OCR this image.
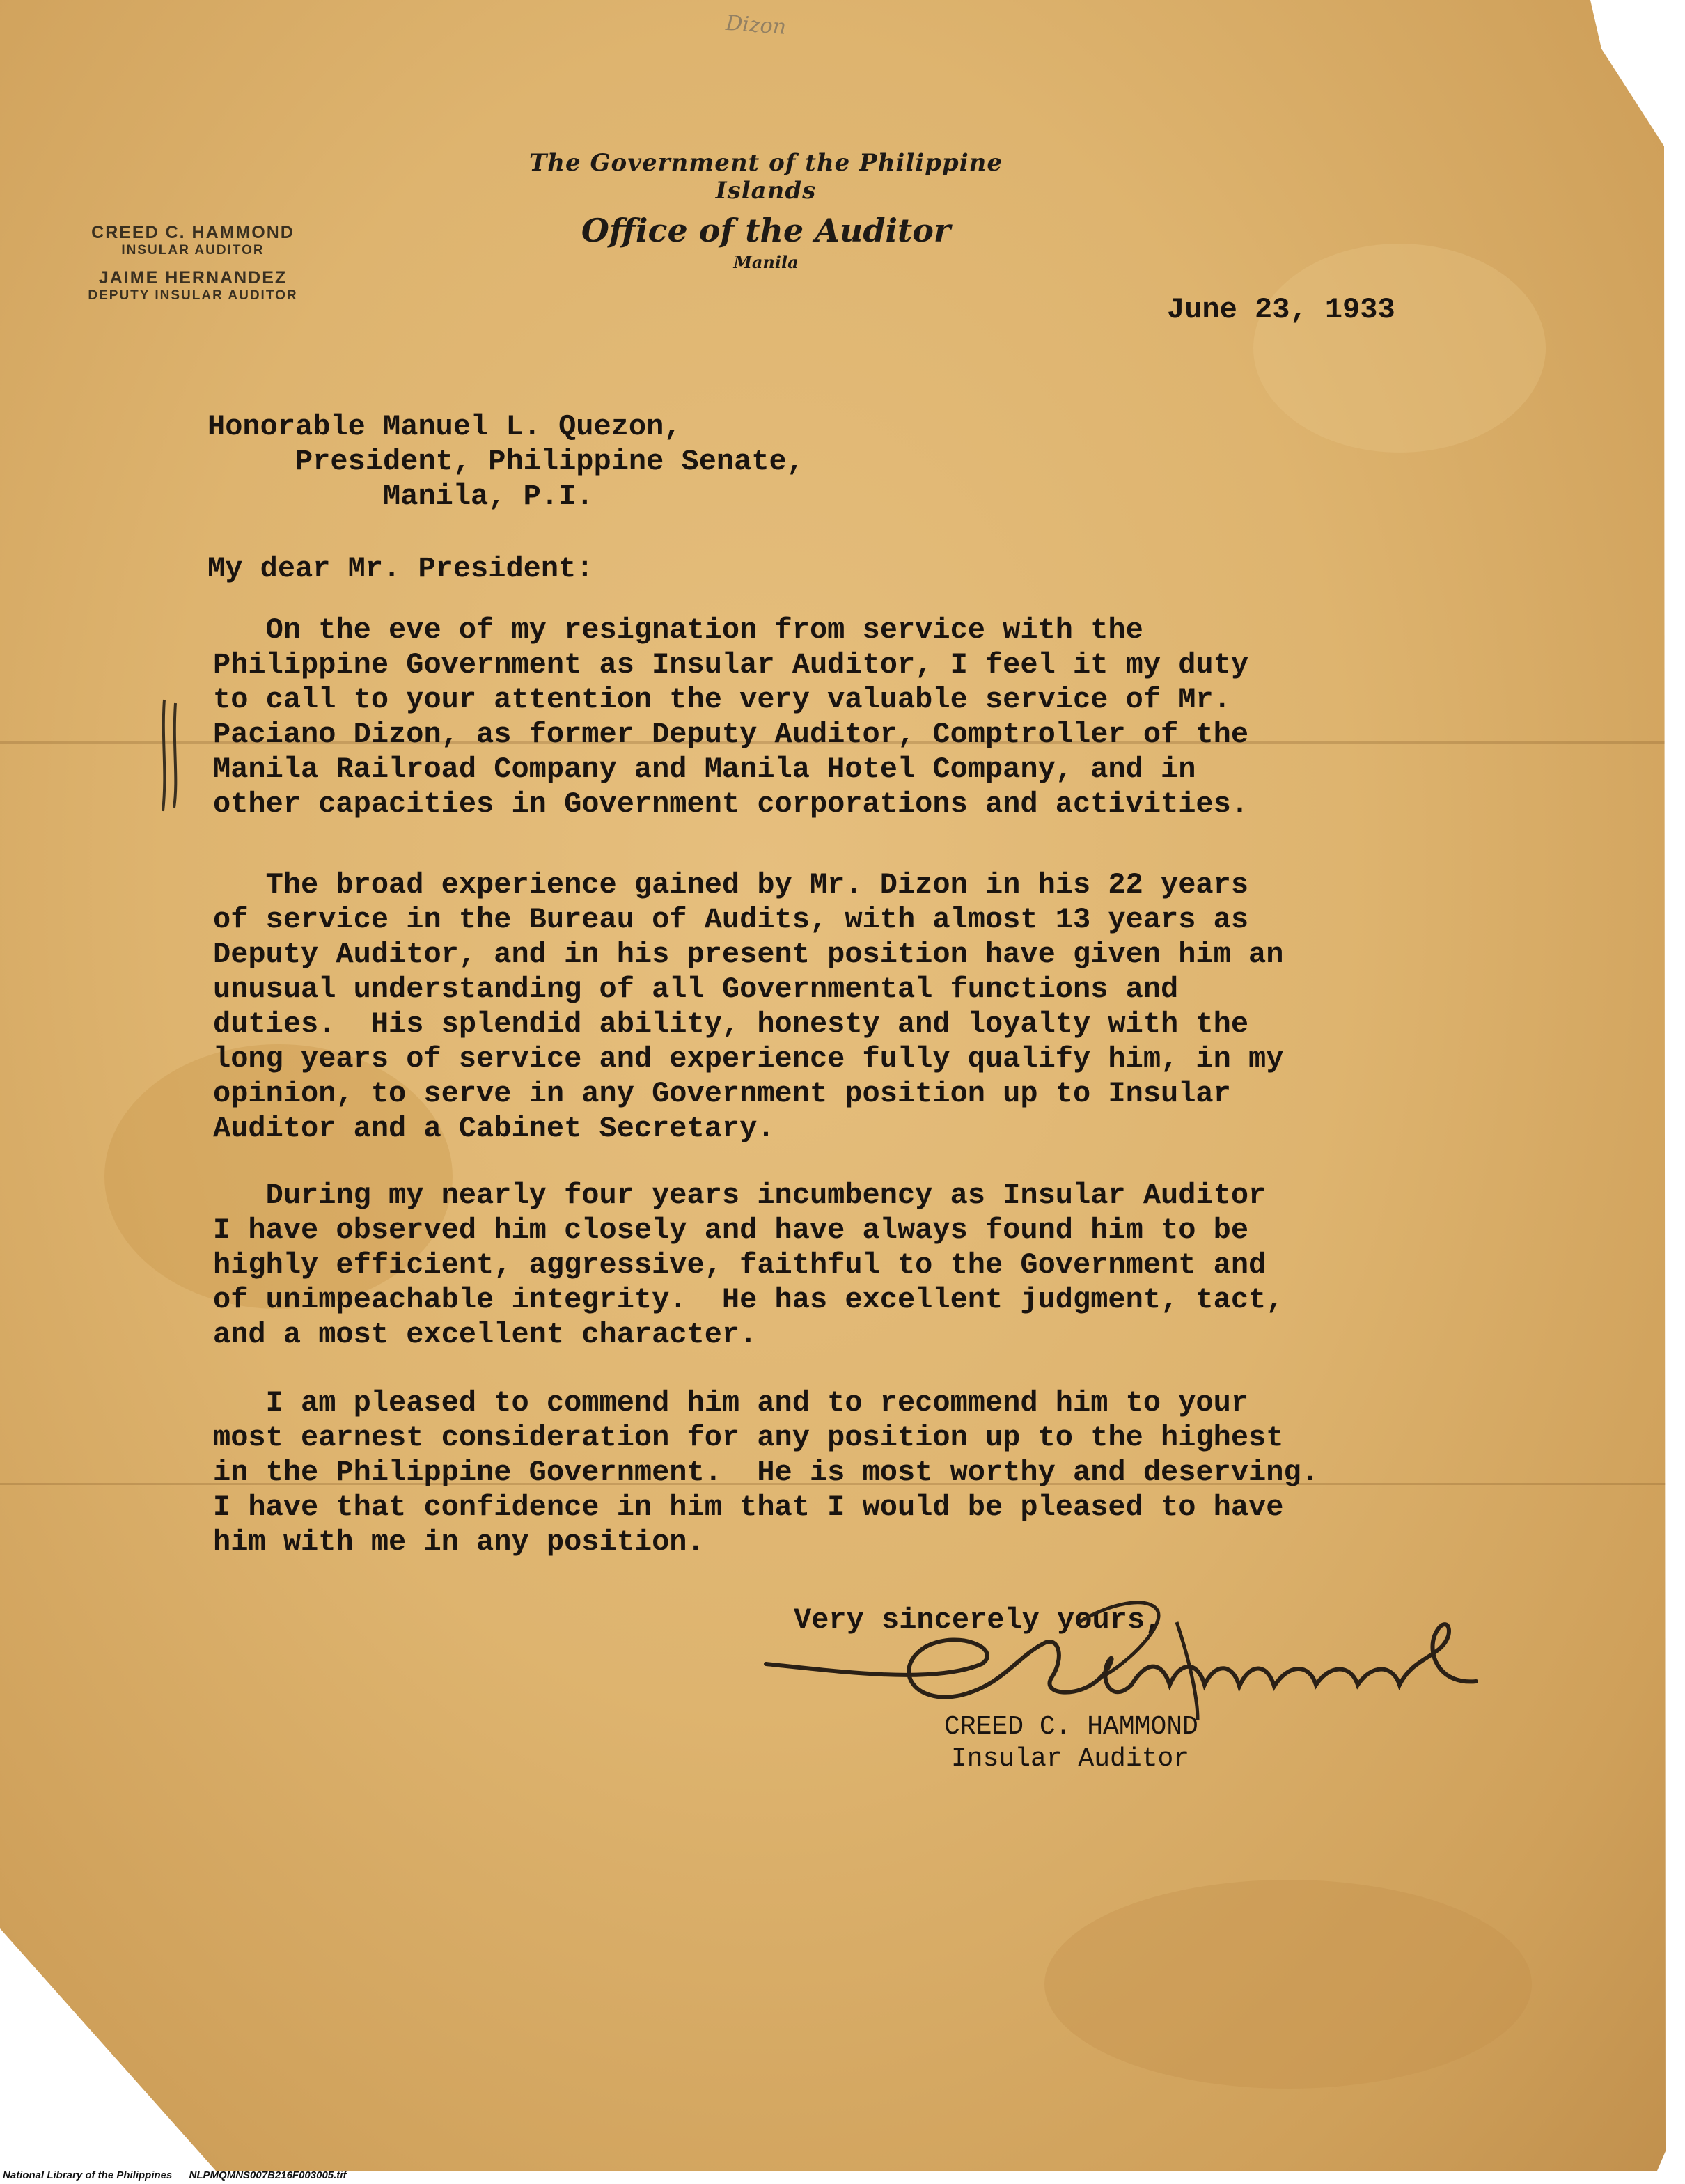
Dizon
CREED C. HAMMOND
INSULAR AUDITOR
JAIME HERNANDEZ
DEPUTY INSULAR AUDITOR
The Government of the Philippine Islands
Office of the Auditor
Manila
June 23, 1933
Honorable Manuel L. Quezon,
President, Philippine Senate,
Manila, P.I.
My dear Mr. President:
On the eve of my resignation from service with the
Philippine Government as Insular Auditor, I feel it my duty
to call to your attention the very valuable service of Mr.
Paciano Dizon, as former Deputy Auditor, Comptroller of the
Manila Railroad Company and Manila Hotel Company, and in
other capacities in Government corporations and activities.
The broad experience gained by Mr. Dizon in his 22 years
of service in the Bureau of Audits, with almost 13 years as
Deputy Auditor, and in his present position have given him an
unusual understanding of all Governmental functions and
duties.  His splendid ability, honesty and loyalty with the
long years of service and experience fully qualify him, in my
opinion, to serve in any Government position up to Insular
Auditor and a Cabinet Secretary.
During my nearly four years incumbency as Insular Auditor
I have observed him closely and have always found him to be
highly efficient, aggressive, faithful to the Government and
of unimpeachable integrity.  He has excellent judgment, tact,
and a most excellent character.
I am pleased to commend him and to recommend him to your
most earnest consideration for any position up to the highest
in the Philippine Government.  He is most worthy and deserving.
I have that confidence in him that I would be pleased to have
him with me in any position.
Very sincerely yours,
CREED C. HAMMOND
Insular Auditor
National Library of the Philippines NLPMQMNS007B216F003005.tif
